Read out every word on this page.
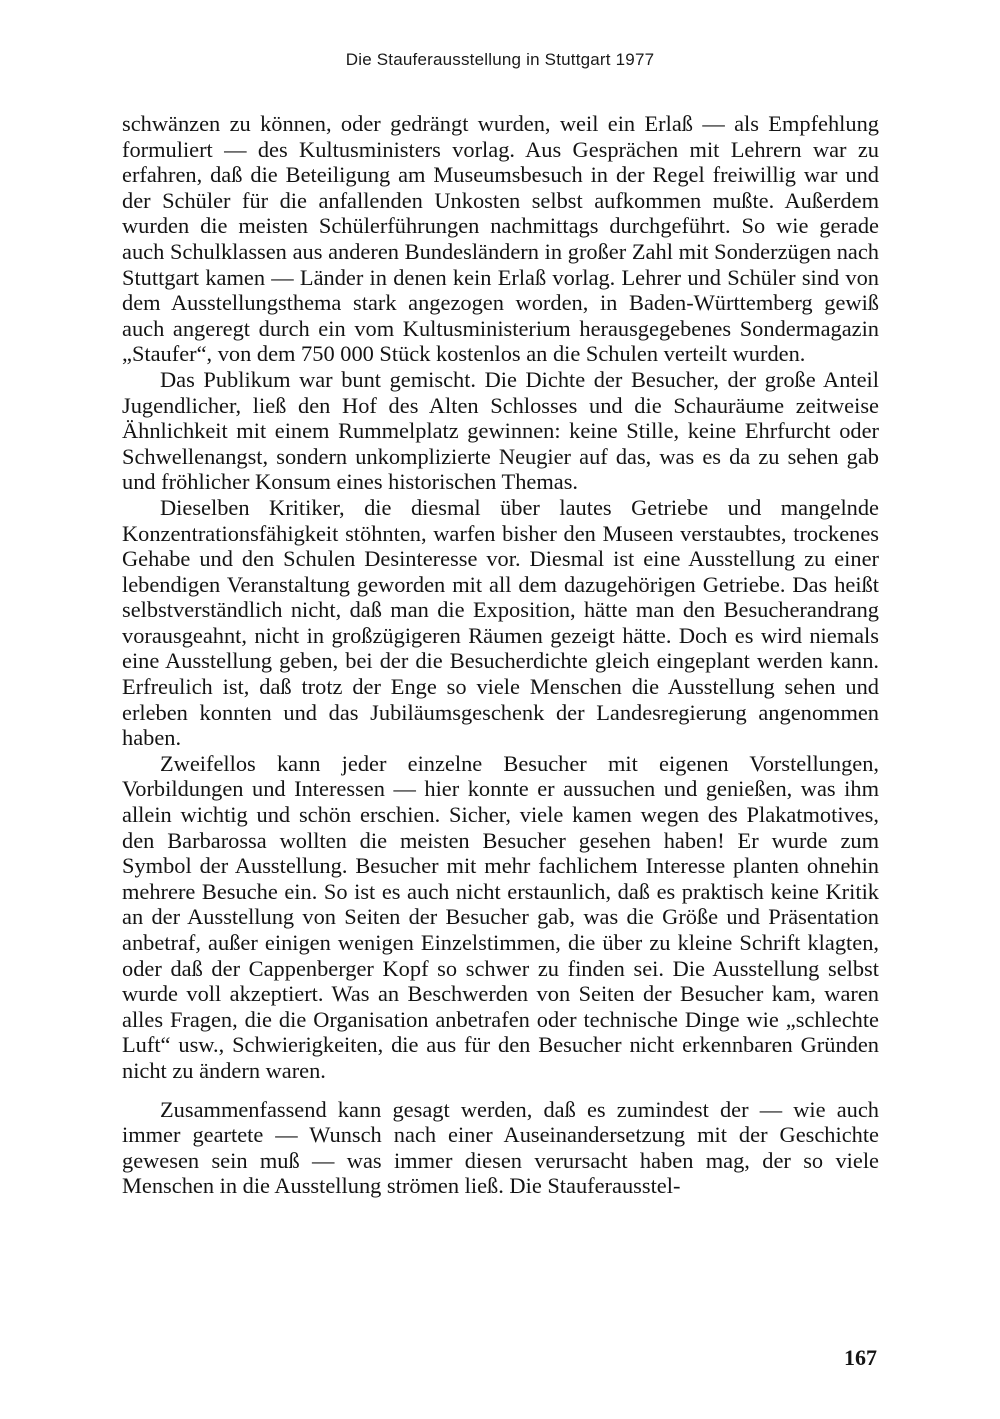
Die Stauferausstellung in Stuttgart 1977

schwänzen zu können, oder gedrängt wurden, weil ein Erlaß — als Empfehlung formuliert — des Kultusministers vorlag. Aus Gesprächen mit Lehrern war zu erfahren, daß die Beteiligung am Museumsbesuch in der Regel freiwillig war und der Schüler für die anfallenden Unkosten selbst aufkommen mußte. Außerdem wurden die meisten Schülerführungen nachmittags durchgeführt. So wie gerade auch Schulklassen aus anderen Bundesländern in großer Zahl mit Sonderzügen nach Stuttgart kamen — Länder in denen kein Erlaß vorlag. Lehrer und Schüler sind von dem Ausstellungsthema stark angezogen worden, in Baden-Württemberg gewiß auch angeregt durch ein vom Kultusministerium herausgegebenes Sondermagazin „Staufer“, von dem 750 000 Stück kostenlos an die Schulen verteilt wurden.

Das Publikum war bunt gemischt. Die Dichte der Besucher, der große Anteil Jugendlicher, ließ den Hof des Alten Schlosses und die Schauräume zeitweise Ähnlichkeit mit einem Rummelplatz gewinnen: keine Stille, keine Ehrfurcht oder Schwellenangst, sondern unkomplizierte Neugier auf das, was es da zu sehen gab und fröhlicher Konsum eines historischen Themas.

Dieselben Kritiker, die diesmal über lautes Getriebe und mangelnde Konzentrationsfähigkeit stöhnten, warfen bisher den Museen verstaubtes, trockenes Gehabe und den Schulen Desinteresse vor. Diesmal ist eine Ausstellung zu einer lebendigen Veranstaltung geworden mit all dem dazugehörigen Getriebe. Das heißt selbstverständlich nicht, daß man die Exposition, hätte man den Besucherandrang vorausgeahnt, nicht in großzügigeren Räumen gezeigt hätte. Doch es wird niemals eine Ausstellung geben, bei der die Besucherdichte gleich eingeplant werden kann. Erfreulich ist, daß trotz der Enge so viele Menschen die Ausstellung sehen und erleben konnten und das Jubiläumsgeschenk der Landesregierung angenommen haben.

Zweifellos kann jeder einzelne Besucher mit eigenen Vorstellungen, Vorbildungen und Interessen — hier konnte er aussuchen und genießen, was ihm allein wichtig und schön erschien. Sicher, viele kamen wegen des Plakatmotives, den Barbarossa wollten die meisten Besucher gesehen haben! Er wurde zum Symbol der Ausstellung. Besucher mit mehr fachlichem Interesse planten ohnehin mehrere Besuche ein. So ist es auch nicht erstaunlich, daß es praktisch keine Kritik an der Ausstellung von Seiten der Besucher gab, was die Größe und Präsentation anbetraf, außer einigen wenigen Einzelstimmen, die über zu kleine Schrift klagten, oder daß der Cappenberger Kopf so schwer zu finden sei. Die Ausstellung selbst wurde voll akzeptiert. Was an Beschwerden von Seiten der Besucher kam, waren alles Fragen, die die Organisation anbetrafen oder technische Dinge wie „schlechte Luft“ usw., Schwierigkeiten, die aus für den Besucher nicht erkennbaren Gründen nicht zu ändern waren.

Zusammenfassend kann gesagt werden, daß es zumindest der — wie auch immer geartete — Wunsch nach einer Auseinandersetzung mit der Geschichte gewesen sein muß — was immer diesen verursacht haben mag, der so viele Menschen in die Ausstellung strömen ließ. Die Stauferausstel-

167
